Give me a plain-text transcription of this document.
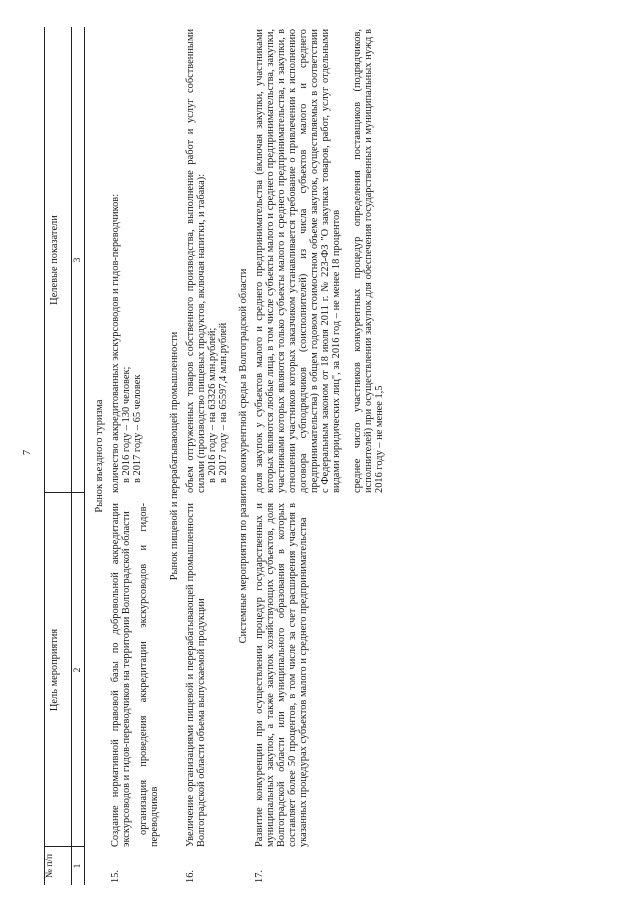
7
№ п/п
Цель мероприятия
Целевые показатели
1
2
3
Рынок въездного туризма
15.
Создание нормативной правовой базы по добровольной аккредитации экскурсоводов и гидов-переводчиков на территории Волгоградской области организация проведения аккредитации экскурсоводов и гидов-переводчиков
количество аккредитованных экскурсоводов и гидов-переводчиков: в 2016 году – 130 человек; в 2017 году – 65 человек	Рынок пищевой и перерабатывающей промышленности
16.
Увеличение организациями пищевой и перерабатывающей промышленности Волгоградской области объема выпускаемой продукции
объем отгруженных товаров собственного производства, выполнение работ и услуг собственными силами (производство пищевых продуктов, включая напитки, и табака): в 2016 году – на 63326 млн.рублей; в 2017 году – на 65597,4 млн.рублей Системные мероприятия по развитию конкурентной среды в Волгоградской области
17.
Развитие конкуренции при осуществлении процедур государственных и муниципальных закупок, а также закупок хозяйствующих субъектов, доля Волгоградской области или муниципального образования в которых составляет более 50 процентов, в том числе за счет расширения участия в указанных процедурах субъектов малого и среднего предпринимательства
доля закупок у субъектов малого и среднего предпринимательства (включая закупки, участниками которых являются любые лица, в том числе субъекты малого и среднего предпринимательства, закупки, участниками которых являются только субъекты малого и среднего предпринимательства, и закупки, в отношении участников которых заказчиком устанавливается требование о привлечении к исполнению договора субподрядчиков (соисполнителей) из числа субъектов малого и среднего предпринимательства) в общем годовом стоимостном объеме закупок, осуществляемых в соответствии с Федеральным законом от 18 июля 2011 г. № 223-ФЗ "О закупках товаров, работ, услуг отдельными видами юридических лиц", за 2016 год – не менее 18 процентов среднее число участников конкурентных процедур определения поставщиков (подрядчиков, исполнителей) при осуществлении закупок для обеспечения государственных и муниципальных нужд в 2016 году – не менее 1,5
